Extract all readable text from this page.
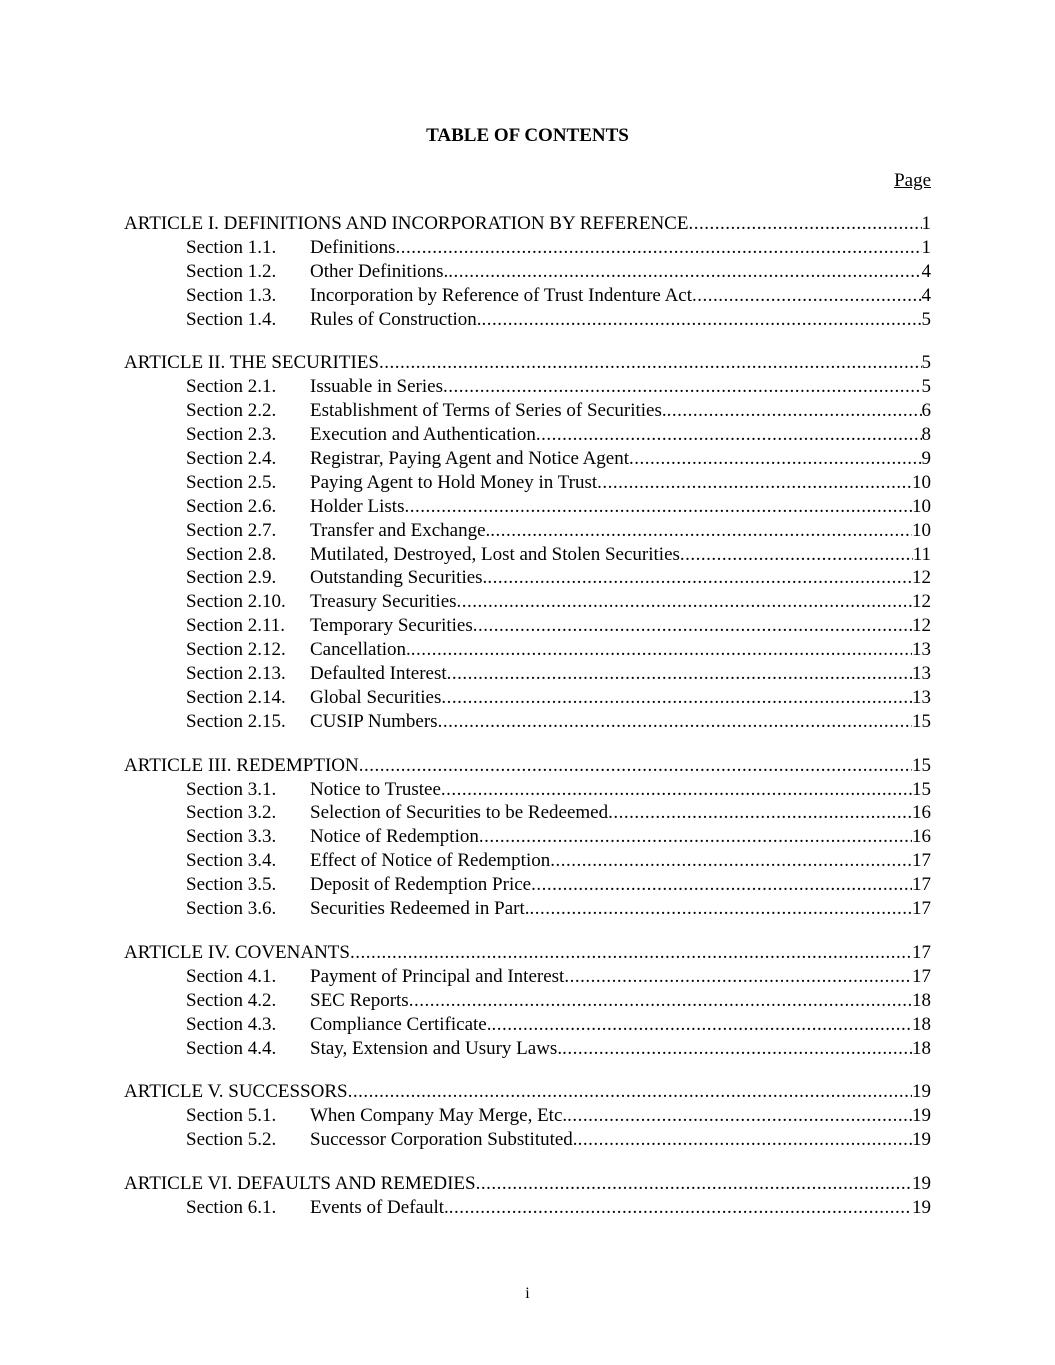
TABLE OF CONTENTS
Page
ARTICLE I. DEFINITIONS AND INCORPORATION BY REFERENCE .....	1
Section 1.1.	Definitions .....	1
Section 1.2.	Other Definitions. .....	4
Section 1.3.	Incorporation by Reference of Trust Indenture Act .....	4
Section 1.4.	Rules of Construction. .....	5
ARTICLE II. THE SECURITIES .....	5
Section 2.1.	Issuable in Series .....	5
Section 2.2.	Establishment of Terms of Series of Securities. .....	6
Section 2.3.	Execution and Authentication .....	8
Section 2.4.	Registrar, Paying Agent and Notice Agent .....	9
Section 2.5.	Paying Agent to Hold Money in Trust .....	10
Section 2.6.	Holder Lists .....	10
Section 2.7.	Transfer and Exchange. .....	10
Section 2.8.	Mutilated, Destroyed, Lost and Stolen Securities .....	11
Section 2.9.	Outstanding Securities. .....	12
Section 2.10.	Treasury Securities .....	12
Section 2.11.	Temporary Securities .....	12
Section 2.12.	Cancellation. .....	13
Section 2.13.	Defaulted Interest .....	13
Section 2.14.	Global Securities .....	13
Section 2.15.	CUSIP Numbers .....	15
ARTICLE III. REDEMPTION .....	15
Section 3.1.	Notice to Trustee .....	15
Section 3.2.	Selection of Securities to be Redeemed .....	16
Section 3.3.	Notice of Redemption .....	16
Section 3.4.	Effect of Notice of Redemption .....	17
Section 3.5.	Deposit of Redemption Price .....	17
Section 3.6.	Securities Redeemed in Part. .....	17
ARTICLE IV. COVENANTS .....	17
Section 4.1.	Payment of Principal and Interest .....	17
Section 4.2.	SEC Reports .....	18
Section 4.3.	Compliance Certificate. .....	18
Section 4.4.	Stay, Extension and Usury Laws. .....	18
ARTICLE V. SUCCESSORS .....	19
Section 5.1.	When Company May Merge, Etc. .....	19
Section 5.2.	Successor Corporation Substituted. .....	19
ARTICLE VI. DEFAULTS AND REMEDIES .....	19
Section 6.1.	Events of Default. .....	19
i
